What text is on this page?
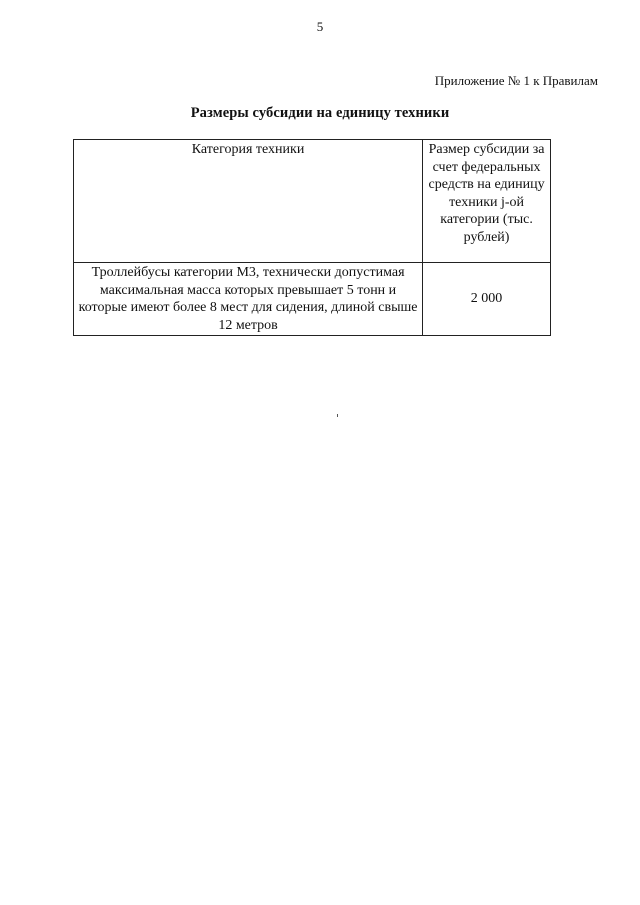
5
Приложение № 1 к Правилам
Размеры субсидии на единицу техники
Категория техники	Размер субсидии за счет федеральных средств на единицу техники j-ой категории (тыс. рублей)
Троллейбусы категории М3, технически допустимая максимальная масса которых превышает 5 тонн и которые имеют более 8 мест для сидения, длиной свыше 12 метров	2 000
